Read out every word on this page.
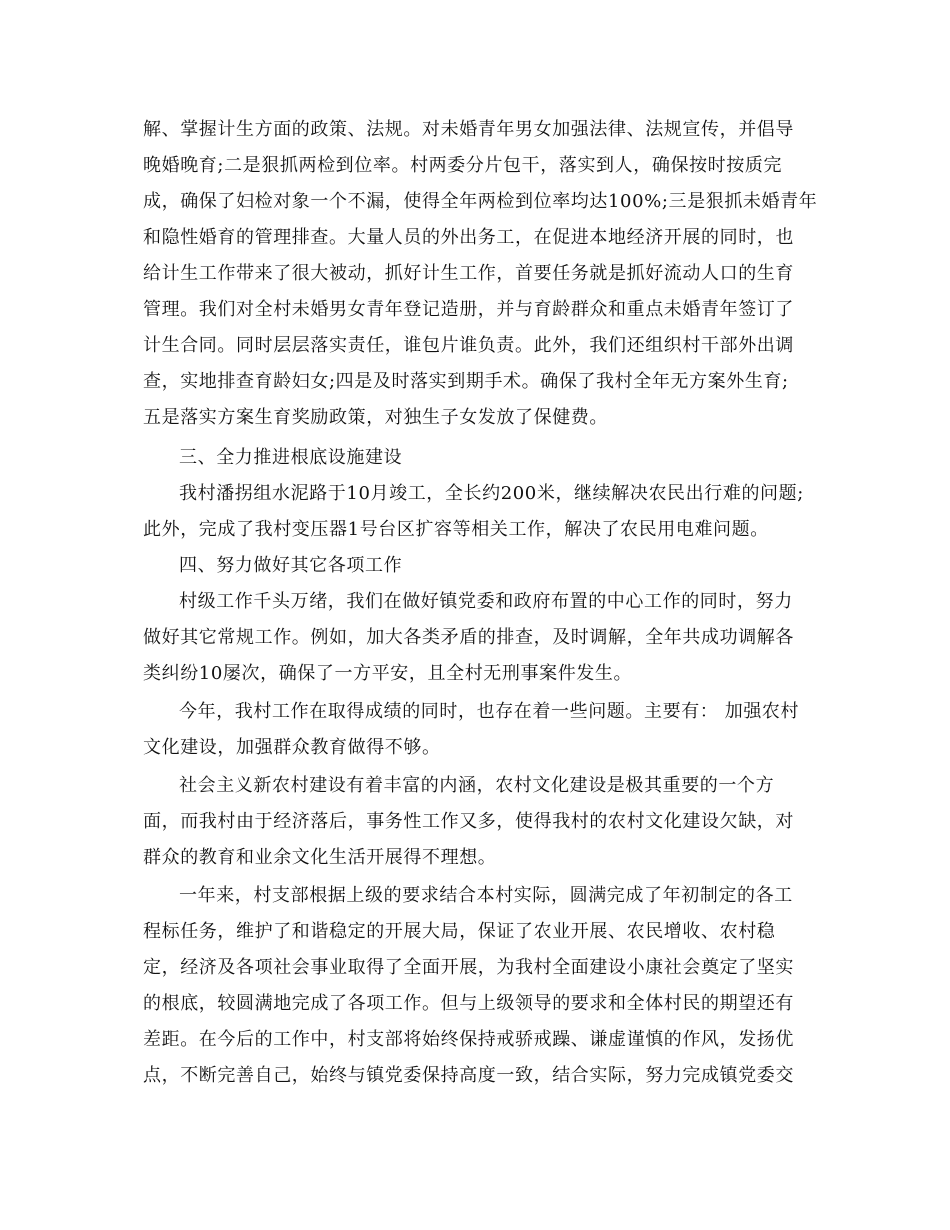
解、掌握计生方面的政策、法规。对未婚青年男女加强法律、法规宣传，并倡导
晚婚晚育;二是狠抓两检到位率。村两委分片包干，落实到人，确保按时按质完
成，确保了妇检对象一个不漏，使得全年两检到位率均达100%;三是狠抓未婚青年
和隐性婚育的管理排查。大量人员的外出务工，在促进本地经济开展的同时，也
给计生工作带来了很大被动，抓好计生工作，首要任务就是抓好流动人口的生育
管理。我们对全村未婚男女青年登记造册，并与育龄群众和重点未婚青年签订了
计生合同。同时层层落实责任，谁包片谁负责。此外，我们还组织村干部外出调
查，实地排查育龄妇女;四是及时落实到期手术。确保了我村全年无方案外生育;
五是落实方案生育奖励政策，对独生子女发放了保健费。
三、全力推进根底设施建设
我村潘拐组水泥路于10月竣工，全长约200米，继续解决农民出行难的问题;
此外，完成了我村变压器1号台区扩容等相关工作，解决了农民用电难问题。
四、努力做好其它各项工作
村级工作千头万绪，我们在做好镇党委和政府布置的中心工作的同时，努力
做好其它常规工作。例如，加大各类矛盾的排查，及时调解，全年共成功调解各
类纠纷10屡次，确保了一方平安，且全村无刑事案件发生。
今年，我村工作在取得成绩的同时，也存在着一些问题。主要有： 加强农村
文化建设，加强群众教育做得不够。
社会主义新农村建设有着丰富的内涵，农村文化建设是极其重要的一个方
面，而我村由于经济落后，事务性工作又多，使得我村的农村文化建设欠缺，对
群众的教育和业余文化生活开展得不理想。
一年来，村支部根据上级的要求结合本村实际，圆满完成了年初制定的各工
程标任务，维护了和谐稳定的开展大局，保证了农业开展、农民增收、农村稳
定，经济及各项社会事业取得了全面开展，为我村全面建设小康社会奠定了坚实
的根底，较圆满地完成了各项工作。但与上级领导的要求和全体村民的期望还有
差距。在今后的工作中，村支部将始终保持戒骄戒躁、谦虚谨慎的作风，发扬优
点，不断完善自己，始终与镇党委保持高度一致，结合实际，努力完成镇党委交
